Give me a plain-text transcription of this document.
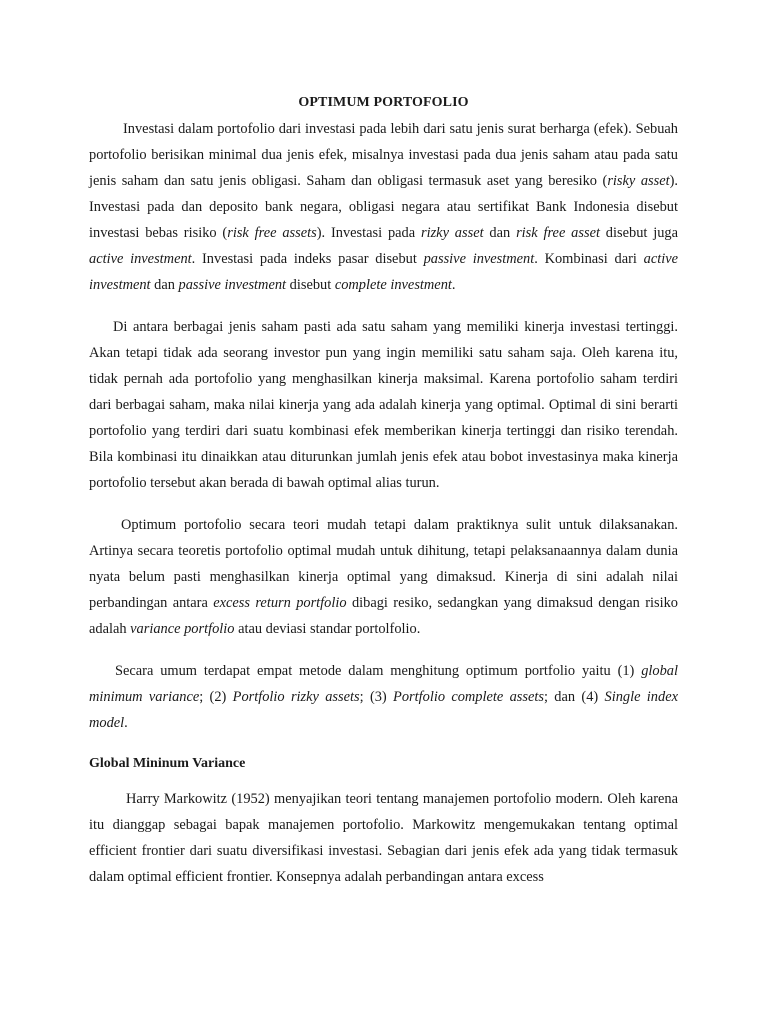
OPTIMUM PORTOFOLIO

Investasi dalam portofolio dari investasi pada lebih dari satu jenis surat berharga (efek). Sebuah portofolio berisikan minimal dua jenis efek, misalnya investasi pada dua jenis saham atau pada satu jenis saham dan satu jenis obligasi. Saham dan obligasi termasuk aset yang beresiko (risky asset). Investasi pada dan deposito bank negara, obligasi negara atau sertifikat Bank Indonesia disebut investasi bebas risiko (risk free assets). Investasi pada rizky asset dan risk free asset disebut juga active investment. Investasi pada indeks pasar disebut passive investment. Kombinasi dari active investment dan passive investment disebut complete investment.

Di antara berbagai jenis saham pasti ada satu saham yang memiliki kinerja investasi tertinggi. Akan tetapi tidak ada seorang investor pun yang ingin memiliki satu saham saja. Oleh karena itu, tidak pernah ada portofolio yang menghasilkan kinerja maksimal. Karena portofolio saham terdiri dari berbagai saham, maka nilai kinerja yang ada adalah kinerja yang optimal. Optimal di sini berarti portofolio yang terdiri dari suatu kombinasi efek memberikan kinerja tertinggi dan risiko terendah. Bila kombinasi itu dinaikkan atau diturunkan jumlah jenis efek atau bobot investasinya maka kinerja portofolio tersebut akan berada di bawah optimal alias turun.

Optimum portofolio secara teori mudah tetapi dalam praktiknya sulit untuk dilaksanakan. Artinya secara teoretis portofolio optimal mudah untuk dihitung, tetapi pelaksanaannya dalam dunia nyata belum pasti menghasilkan kinerja optimal yang dimaksud. Kinerja di sini adalah nilai perbandingan antara excess return portfolio dibagi resiko, sedangkan yang dimaksud dengan risiko adalah variance portfolio atau deviasi standar portolfolio.

Secara umum terdapat empat metode dalam menghitung optimum portfolio yaitu (1) global minimum variance; (2) Portfolio rizky assets; (3) Portfolio complete assets; dan (4) Single index model.

Global Mininum Variance

Harry Markowitz (1952) menyajikan teori tentang manajemen portofolio modern. Oleh karena itu dianggap sebagai bapak manajemen portofolio. Markowitz mengemukakan tentang optimal efficient frontier dari suatu diversifikasi investasi. Sebagian dari jenis efek ada yang tidak termasuk dalam optimal efficient frontier. Konsepnya adalah perbandingan antara excess
